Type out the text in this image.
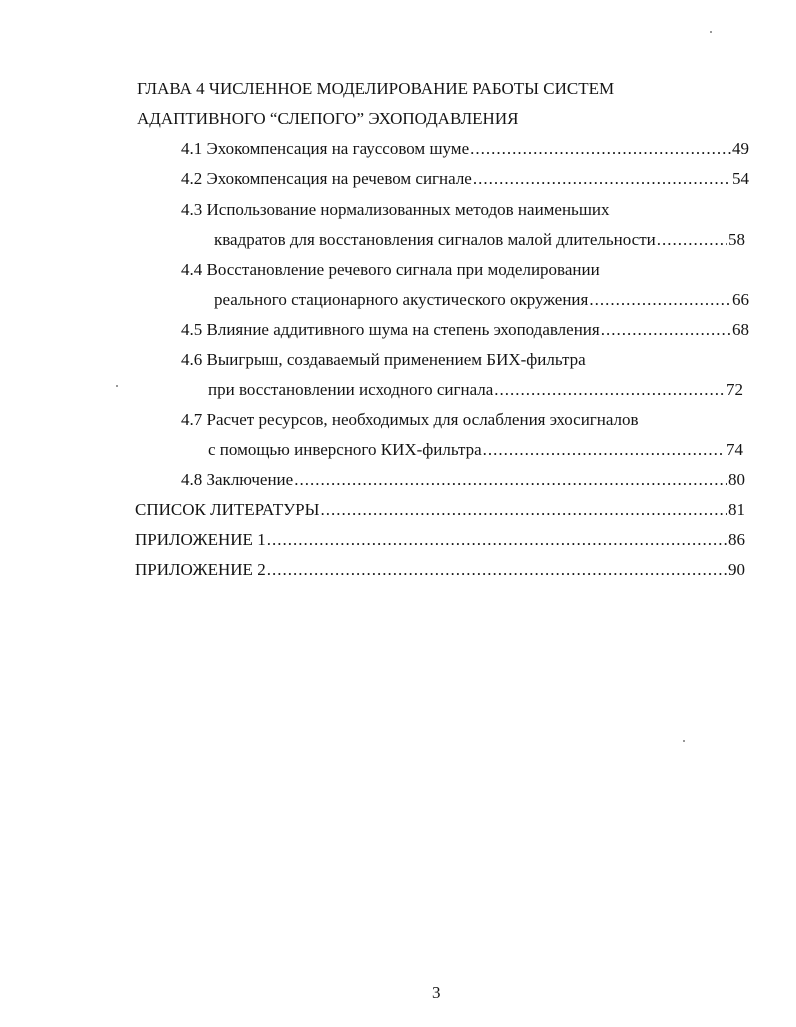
ГЛАВА 4 ЧИСЛЕННОЕ МОДЕЛИРОВАНИЕ РАБОТЫ СИСТЕМ
АДАПТИВНОГО “СЛЕПОГО” ЭХОПОДАВЛЕНИЯ
4.1 Эхокомпенсация на гауссовом шуме .....	49
4.2 Эхокомпенсация на речевом сигнале .....	54
4.3 Использование нормализованных методов наименьших
квадратов для восстановления сигналов малой длительности .....	58
4.4 Восстановление речевого сигнала при моделировании
реального стационарного акустического окружения .....	66
4.5 Влияние аддитивного шума на степень эхоподавления .....	68
4.6 Выигрыш, создаваемый применением БИХ-фильтра
при восстановлении исходного сигнала .....	72
4.7 Расчет ресурсов, необходимых для ослабления эхосигналов
с помощью инверсного КИХ-фильтра .....	74
4.8 Заключение .....	80
СПИСОК ЛИТЕРАТУРЫ .....	81
ПРИЛОЖЕНИЕ 1 .....	86
ПРИЛОЖЕНИЕ 2 .....	90
3
